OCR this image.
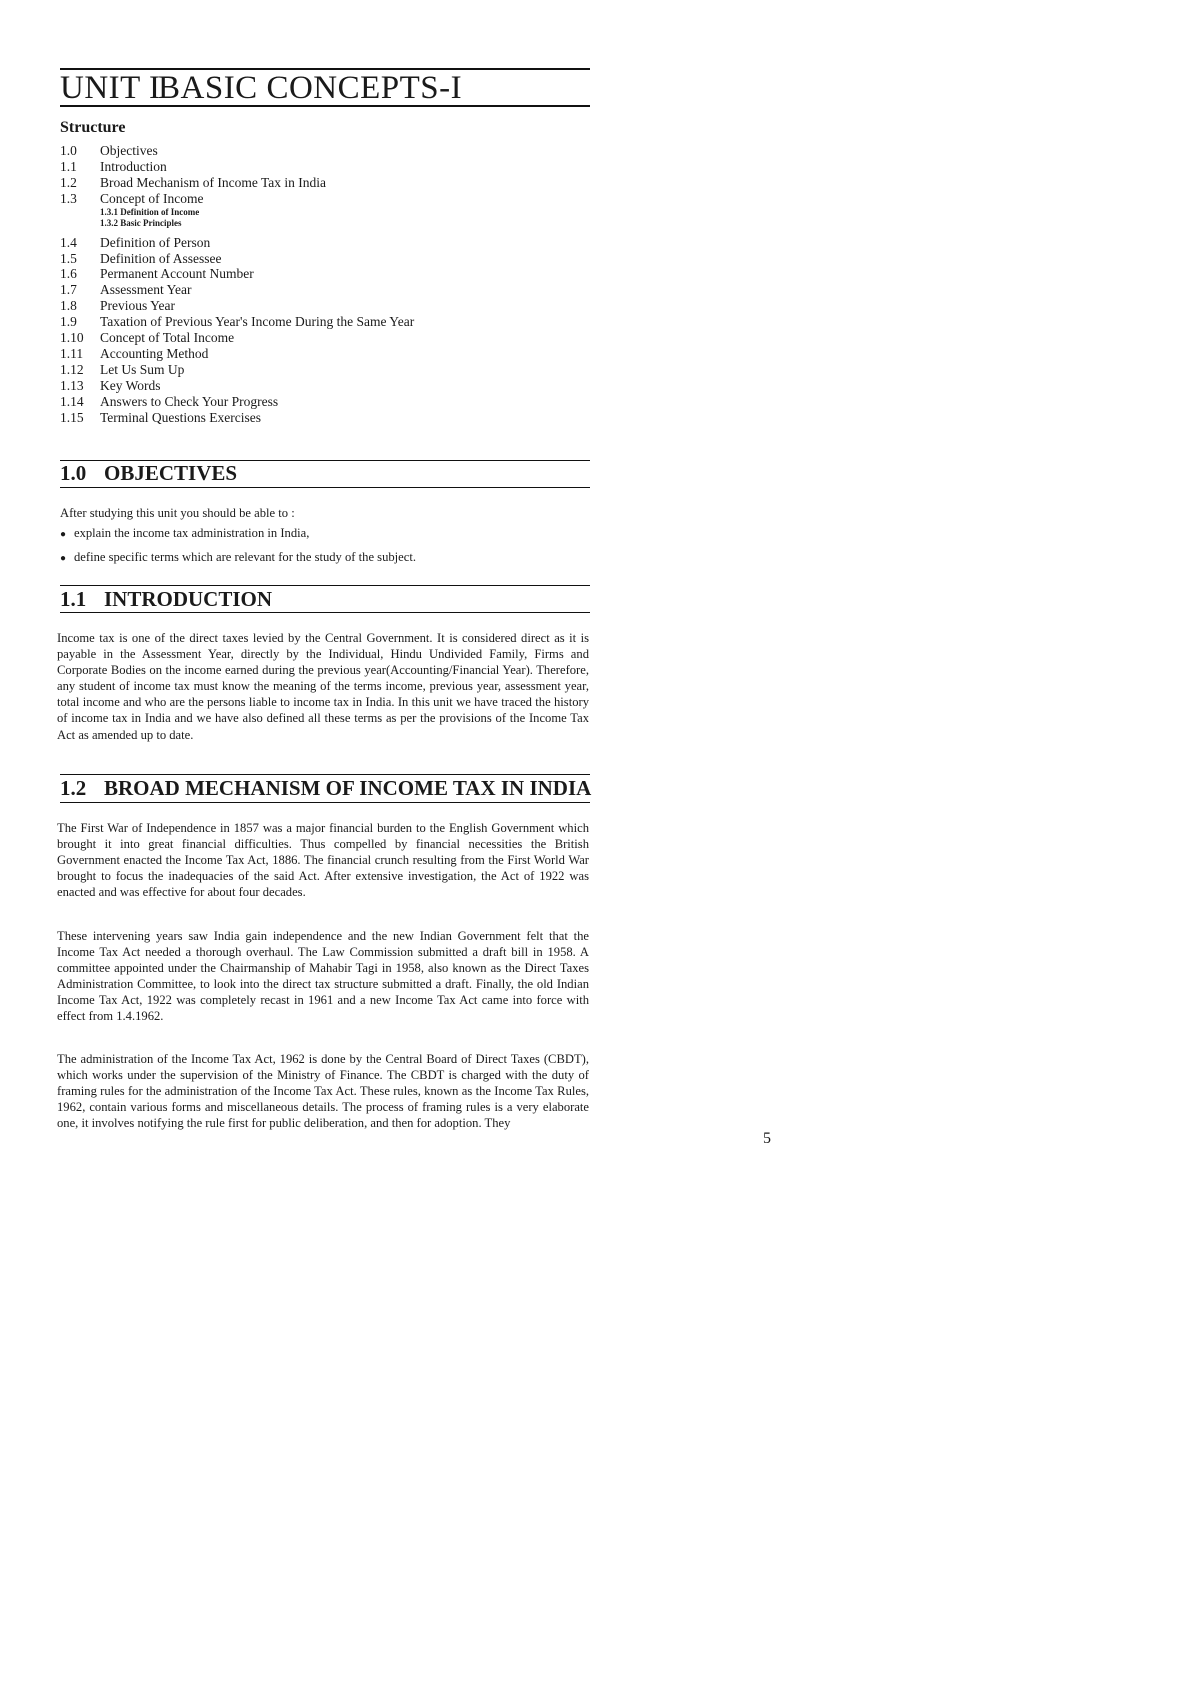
UNIT IBASIC CONCEPTS-I
Structure
1.0 Objectives
1.1 Introduction
1.2 Broad Mechanism of Income Tax in India
1.3 Concept of Income
1.3.1 Definition of Income
1.3.2 Basic Principles
1.4 Definition of Person
1.5 Definition of Assessee
1.6 Permanent Account Number
1.7 Assessment Year
1.8 Previous Year
1.9 Taxation of Previous Year's Income During the Same Year
1.10 Concept of Total Income
1.11 Accounting Method
1.12 Let Us Sum Up
1.13 Key Words
1.14 Answers to Check Your Progress
1.15 Terminal Questions Exercises
1.0 OBJECTIVES

After studying this unit you should be able to :

● explain the income tax administration in India,

● define specific terms which are relevant for the study of the subject.

1.1 INTRODUCTION

Income tax is one of the direct taxes levied by the Central Government. It is considered direct as it is payable in the Assessment Year, directly by the Individual, Hindu Undivided Family, Firms and Corporate Bodies on the income earned during the previous year(Accounting/Financial Year). Therefore, any student of income tax must know the meaning of the terms income, previous year, assessment year, total income and who are the persons liable to income tax in India. In this unit we have traced the history of income tax in India and we have also defined all these terms as per the provisions of the Income Tax Act as amended up to date.

1.2 BROAD MECHANISM OF INCOME TAX IN INDIA

The First War of Independence in 1857 was a major financial burden to the English Government which brought it into great financial difficulties. Thus compelled by financial necessities the British Government enacted the Income Tax Act, 1886. The financial crunch resulting from the First World War brought to focus the inadequacies of the said Act. After extensive investigation, the Act of 1922 was enacted and was effective for about four decades.

These intervening years saw India gain independence and the new Indian Government felt that the Income Tax Act needed a thorough overhaul. The Law Commission submitted a draft bill in 1958. A committee appointed under the Chairmanship of Mahabir Tagi in 1958, also known as the Direct Taxes Administration Committee, to look into the direct tax structure submitted a draft. Finally, the old Indian Income Tax Act, 1922 was completely recast in 1961 and a new Income Tax Act came into force with effect from 1.4.1962.

The administration of the Income Tax Act, 1962 is done by the Central Board of Direct Taxes (CBDT), which works under the supervision of the Ministry of Finance. The CBDT is charged with the duty of framing rules for the administration of the Income Tax Act. These rules, known as the Income Tax Rules, 1962, contain various forms and miscellaneous details. The process of framing rules is a very elaborate one, it involves notifying the rule first for public deliberation, and then for adoption. They

5
